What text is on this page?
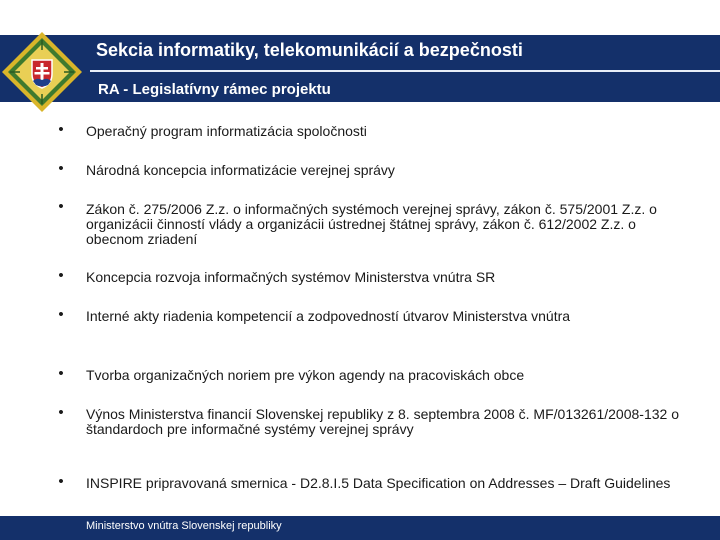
Sekcia informatiky, telekomunikácií a bezpečnosti
RA - Legislatívny rámec projektu
• Operačný program informatizácia spoločnosti
• Národná koncepcia informatizácie verejnej správy
• Zákon č. 275/2006 Z.z. o informačných systémoch verejnej správy, zákon č. 575/2001 Z.z. o organizácii činností vlády a organizácii ústrednej štátnej správy, zákon č. 612/2002 Z.z. o obecnom zriadení
• Koncepcia rozvoja informačných systémov Ministerstva vnútra SR
• Interné akty riadenia kompetencií a zodpovedností útvarov Ministerstva vnútra
• Tvorba organizačných noriem pre výkon agendy na pracoviskách obce
• Výnos Ministerstva financií Slovenskej republiky z 8. septembra 2008 č. MF/013261/2008-132 o štandardoch pre informačné systémy verejnej správy
• INSPIRE pripravovaná smernica - D2.8.I.5 Data Specification on Addresses – Draft Guidelines
Ministerstvo vnútra Slovenskej republiky
